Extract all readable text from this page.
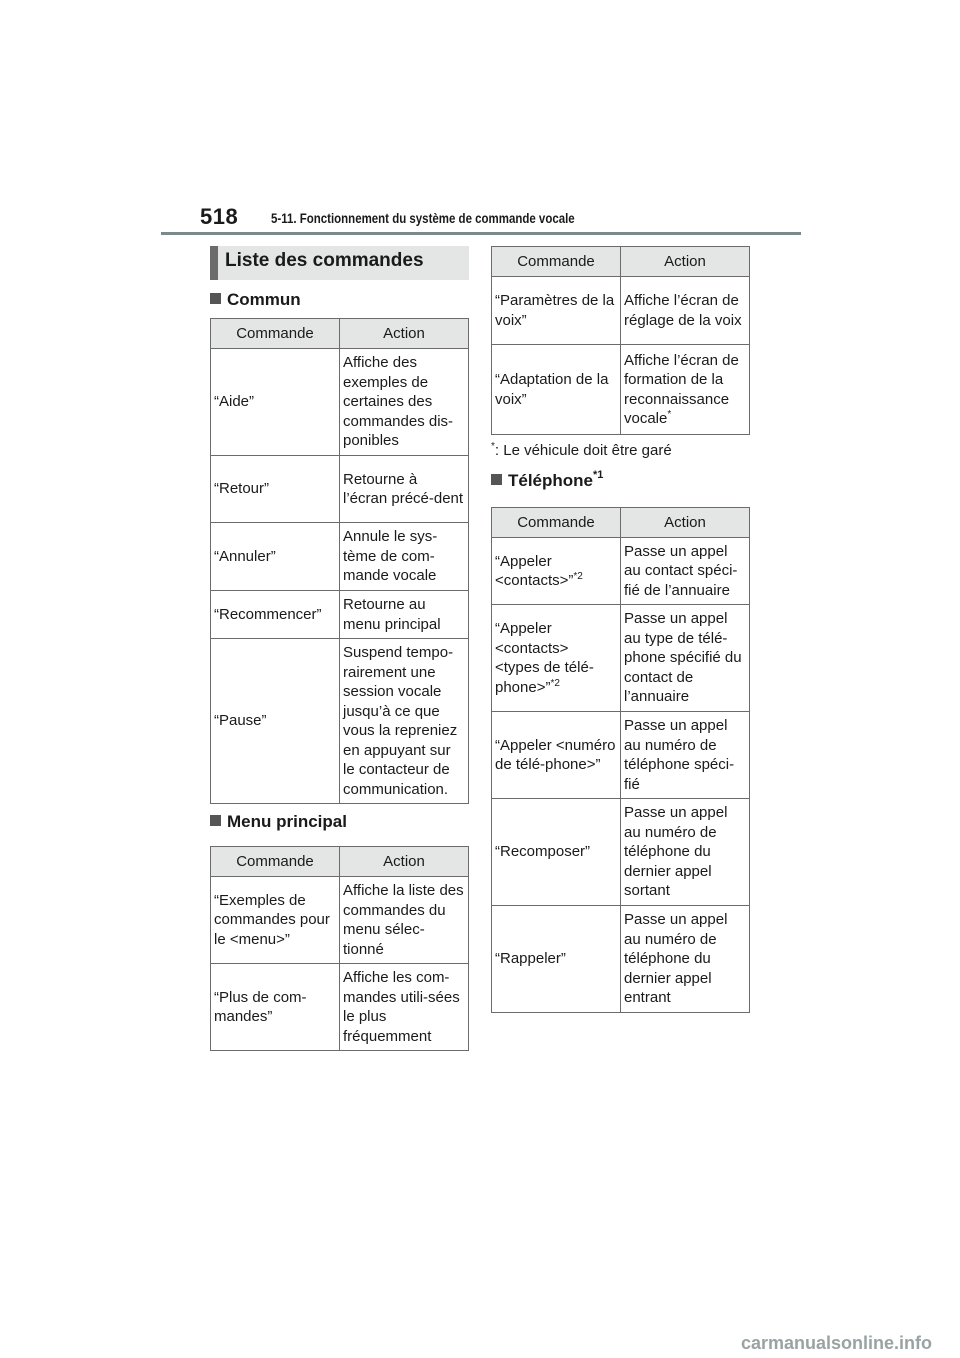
518 5-11. Fonctionnement du système de commande vocale
Liste des commandes
Commun
Commande	Action
“Aide”	Affiche des exemples de certaines des commandes dis-ponibles
“Retour”	Retourne à l’écran précé-dent
“Annuler”	Annule le sys-tème de com-mande vocale
“Recommencer”	Retourne au menu principal
“Pause”	Suspend tempo-rairement une session vocale jusqu’à ce que vous la repreniez en appuyant sur le contacteur de communication.
Menu principal
Commande	Action
“Exemples de commandes pour le <menu>”	Affiche la liste des commandes du menu sélec-tionné
“Plus de com-mandes”	Affiche les com-mandes utili-sées le plus fréquemment
Commande	Action
“Paramètres de la voix”	Affiche l’écran de réglage de la voix
“Adaptation de la voix”	Affiche l’écran de formation de la reconnaissance vocale*
*: Le véhicule doit être garé
Téléphone$^{*1}$
Commande	Action
“Appeler <contacts>”$^{*2}$	Passe un appel au contact spéci-fié de l’annuaire
“Appeler <contacts> <types de télé-phone>”$^{*2}$	Passe un appel au type de télé-phone spécifié du contact de l’annuaire
“Appeler <numéro de télé-phone>”	Passe un appel au numéro de téléphone spéci-fié
“Recomposer”	Passe un appel au numéro de téléphone du dernier appel sortant
“Rappeler”	Passe un appel au numéro de téléphone du dernier appel entrant
carmanualsonline.info
